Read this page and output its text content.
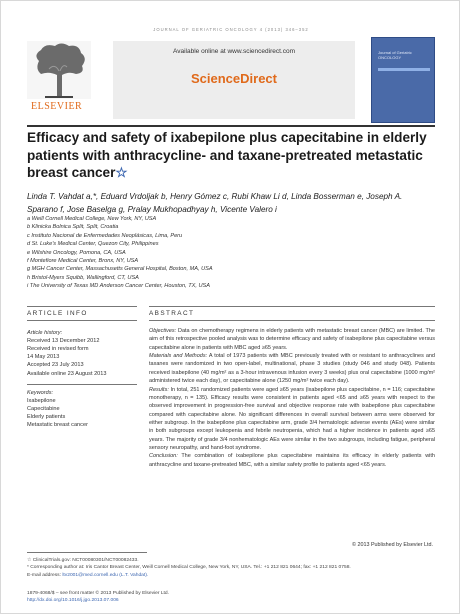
JOURNAL OF GERIATRIC ONCOLOGY 4 (2013) 346–352
ELSEVIER
Available online at www.sciencedirect.com
ScienceDirect
Journal of Geriatric ONCOLOGY
Efficacy and safety of ixabepilone plus capecitabine in elderly patients with anthracycline- and taxane-pretreated metastatic breast cancer☆
Linda T. Vahdat a,*, Eduard Vrdoljak b, Henry Gómez c, Rubi Khaw Li d, Linda Bosserman e, Joseph A. Sparano f, Jose Baselga g, Pralay Mukhopadhyay h, Vicente Valero i
a Weill Cornell Medical College, New York, NY, USA
b Klinicka Bolnica Split, Split, Croatia
c Instituto Nacional de Enfermedades Neoplásicas, Lima, Peru
d St. Luke's Medical Center, Quezon City, Philippines
e Wilshire Oncology, Pomona, CA, USA
f Montefiore Medical Center, Bronx, NY, USA
g MGH Cancer Center, Massachusetts General Hospital, Boston, MA, USA
h Bristol-Myers Squibb, Wallingford, CT, USA
i The University of Texas MD Anderson Cancer Center, Houston, TX, USA
ARTICLE INFO	ABSTRACT
Article history:
Received 13 December 2012
Received in revised form
14 May 2013
Accepted 23 July 2013
Available online 23 August 2013
Keywords:
Ixabepilone
Capecitabine
Elderly patients
Metastatic breast cancer
Objectives: Data on chemotherapy regimens in elderly patients with metastatic breast cancer (MBC) are limited. The aim of this retrospective pooled analysis was to determine efficacy and safety of ixabepilone plus capecitabine versus capecitabine alone in patients with MBC aged ≥65 years.
Materials and Methods: A total of 1973 patients with MBC previously treated with or resistant to anthracyclines and taxanes were randomized in two open-label, multinational, phase 3 studies (study 046 and study 048). Patients received ixabepilone (40 mg/m² as a 3-hour intravenous infusion every 3 weeks) plus oral capecitabine (1000 mg/m² administered twice each day), or capecitabine alone (1250 mg/m² twice each day).
Results: In total, 251 randomized patients were aged ≥65 years (ixabepilone plus capecitabine, n = 116; capecitabine monotherapy, n = 135). Efficacy results were consistent in patients aged <65 and ≥65 years with respect to the observed improvement in progression-free survival and objective response rate with ixabepilone plus capecitabine compared with capecitabine alone. No significant differences in overall survival between arms were observed for either subgroup. In the ixabepilone plus capecitabine arm, grade 3/4 hematologic adverse events (AEs) were similar in both subgroups except leukopenia and febrile neutropenia, which had a higher incidence in patients aged ≥65 years. The majority of grade 3/4 nonhematologic AEs were similar in the two subgroups, including fatigue, peripheral sensory neuropathy, and hand-foot syndrome.
Conclusion: The combination of ixabepilone plus capecitabine maintains its efficacy in elderly patients with anthracycline and taxane-pretreated MBC, with a similar safety profile to patients aged <65 years.
© 2013 Published by Elsevier Ltd.
☆ ClinicalTrials.gov: NCT00080301/NCT00082433.
* Corresponding author at: Iris Cantor Breast Center, Weill Cornell Medical College, New York, NY, USA. Tel.: +1 212 821 0644; fax: +1 212 821 0758.
E-mail address: ltv2001@med.cornell.edu (L.T. Vahdat).
1879-4068/$ – see front matter © 2013 Published by Elsevier Ltd.
http://dx.doi.org/10.1016/j.jgo.2013.07.006
